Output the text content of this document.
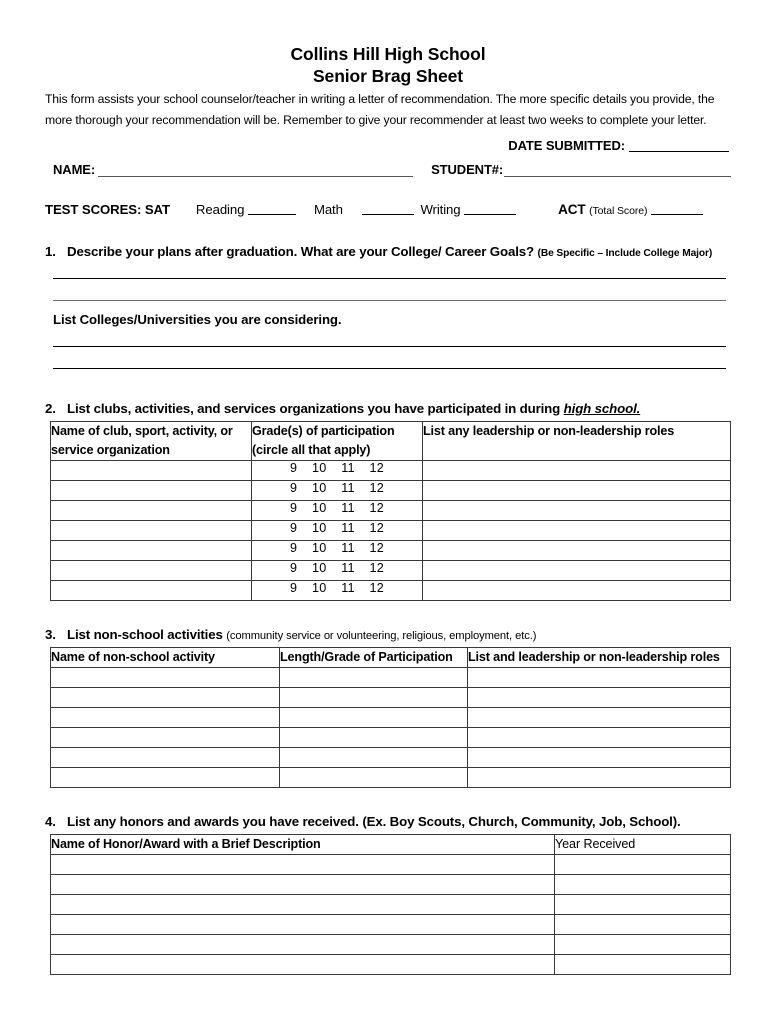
Collins Hill High School
Senior Brag Sheet
This form assists your school counselor/teacher in writing a letter of recommendation. The more specific details you provide, the more thorough your recommendation will be. Remember to give your recommender at least two weeks to complete your letter.
DATE SUBMITTED:
NAME:	STUDENT#:
TEST SCORES: SAT Reading	Math	Writing	ACT (Total Score)
1. Describe your plans after graduation. What are your College/ Career Goals? (Be Specific – Include College Major)
List Colleges/Universities you are considering.
2. List clubs, activities, and services organizations you have participated in during high school.
Name of club, sport, activity, or service organization	Grade(s) of participation (circle all that apply)	List any leadership or non-leadership roles
	9    10    11    12	
	9    10    11    12	
	9    10    11    12	
	9    10    11    12	
	9    10    11    12	
	9    10    11    12	
	9    10    11    12	
3. List non-school activities (community service or volunteering, religious, employment, etc.)
Name of non-school activity	Length/Grade of Participation	List and leadership or non-leadership roles

4. List any honors and awards you have received. (Ex. Boy Scouts, Church, Community, Job, School).
Name of Honor/Award with a Brief Description	Year Received
